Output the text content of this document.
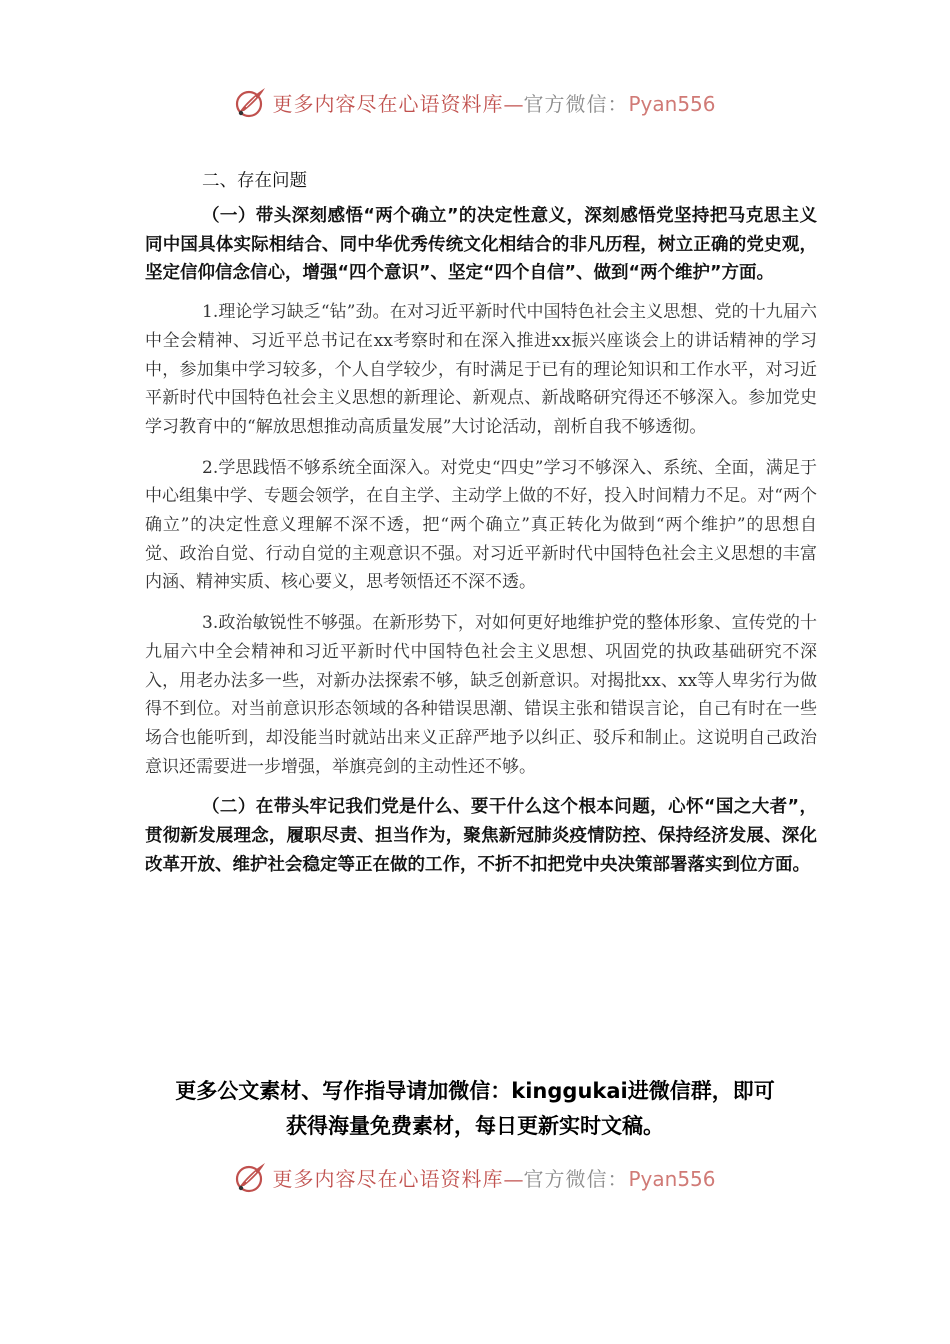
更多内容尽在心语资料库—官方微信：Pyan556
二、存在问题

（一）带头深刻感悟“两个确立”的决定性意义，深刻感悟党坚持把马克思主义同中国具体实际相结合、同中华优秀传统文化相结合的非凡历程，树立正确的党史观，坚定信仰信念信心，增强“四个意识”、坚定“四个自信”、做到“两个维护”方面。

1.理论学习缺乏“钻”劲。在对习近平新时代中国特色社会主义思想、党的十九届六中全会精神、习近平总书记在xx考察时和在深入推进xx振兴座谈会上的讲话精神的学习中，参加集中学习较多，个人自学较少，有时满足于已有的理论知识和工作水平，对习近平新时代中国特色社会主义思想的新理论、新观点、新战略研究得还不够深入。参加党史学习教育中的“解放思想推动高质量发展”大讨论活动，剖析自我不够透彻。

2.学思践悟不够系统全面深入。对党史“四史”学习不够深入、系统、全面，满足于中心组集中学、专题会领学，在自主学、主动学上做的不好，投入时间精力不足。对“两个确立”的决定性意义理解不深不透，把“两个确立”真正转化为做到“两个维护”的思想自觉、政治自觉、行动自觉的主观意识不强。对习近平新时代中国特色社会主义思想的丰富内涵、精神实质、核心要义，思考领悟还不深不透。

3.政治敏锐性不够强。在新形势下，对如何更好地维护党的整体形象、宣传党的十九届六中全会精神和习近平新时代中国特色社会主义思想、巩固党的执政基础研究不深入，用老办法多一些，对新办法探索不够，缺乏创新意识。对揭批xx、xx等人卑劣行为做得不到位。对当前意识形态领域的各种错误思潮、错误主张和错误言论，自己有时在一些场合也能听到，却没能当时就站出来义正辞严地予以纠正、驳斥和制止。这说明自己政治意识还需要进一步增强，举旗亮剑的主动性还不够。

（二）在带头牢记我们党是什么、要干什么这个根本问题，心怀“国之大者”，贯彻新发展理念，履职尽责、担当作为，聚焦新冠肺炎疫情防控、保持经济发展、深化改革开放、维护社会稳定等正在做的工作，不折不扣把党中央决策部署落实到位方面。

更多公文素材、写作指导请加微信：kinggukai进微信群，即可
获得海量免费素材，每日更新实时文稿。
更多内容尽在心语资料库—官方微信：Pyan556
